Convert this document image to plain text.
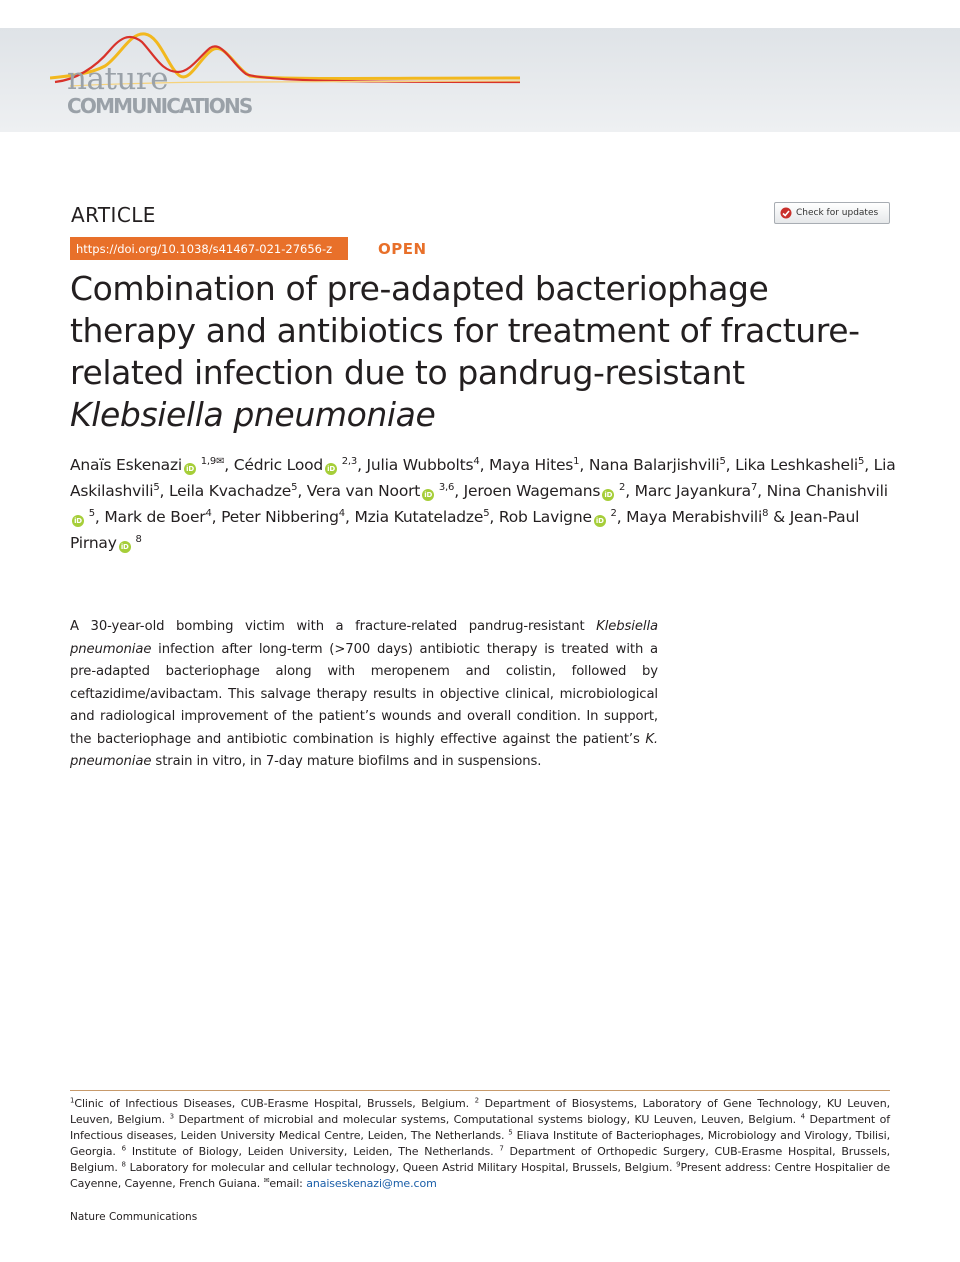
nature

COMMUNICATIONS

ARTICLE	Check for updates
https://doi.org/10.1038/s41467-021-27656-z	OPEN

Combination of pre-adapted bacteriophage therapy and antibiotics for treatment of fracture-related infection due to pandrug-resistant Klebsiella pneumoniae

Anaïs Eskenazi iD $^{1,9✉}$, Cédric Lood iD $^{2,3}$, Julia Wubbolts$^4$, Maya Hites$^1$, Nana Balarjishvili$^5$, Lika Leshkasheli$^5$, Lia Askilashvili$^5$, Leila Kvachadze$^5$, Vera van Noort iD $^{3,6}$, Jeroen Wagemans iD $^2$, Marc Jayankura$^7$, Nina ChanishviliiD $^5$, Mark de Boer$^4$, Peter Nibbering$^4$, Mzia Kutateladze$^5$, Rob Lavigne iD $^2$, Maya Merabishvili$^8$ & Jean-Paul Pirnay iD $^8$

A 30-year-old bombing victim with a fracture-related pandrug-resistant Klebsiella pneumoniae infection after long-term (>700 days) antibiotic therapy is treated with a pre-adapted bacteriophage along with meropenem and colistin, followed by ceftazidime/avibactam. This salvage therapy results in objective clinical, microbiological and radiological improvement of the patient’s wounds and overall condition. In support, the bacteriophage and antibiotic combination is highly effective against the patient’s K. pneumoniae strain in vitro, in 7-day mature biofilms and in suspensions.

$^1$Clinic of Infectious Diseases, CUB-Erasme Hospital, Brussels, Belgium. $^2$ Department of Biosystems, Laboratory of Gene Technology, KU Leuven, Leuven, Belgium. $^3$ Department of microbial and molecular systems, Computational systems biology, KU Leuven, Leuven, Belgium. $^4$ Department of Infectious diseases, Leiden University Medical Centre, Leiden, The Netherlands. $^5$ Eliava Institute of Bacteriophages, Microbiology and Virology, Tbilisi, Georgia. $^6$ Institute of Biology, Leiden University, Leiden, The Netherlands. $^7$ Department of Orthopedic Surgery, CUB-Erasme Hospital, Brussels, Belgium. $^8$ Laboratory for molecular and cellular technology, Queen Astrid Military Hospital, Brussels, Belgium. $^9$Present address: Centre Hospitalier de Cayenne, Cayenne, French Guiana. ✉email: anaiseskenazi@me.com

Nature Communications
